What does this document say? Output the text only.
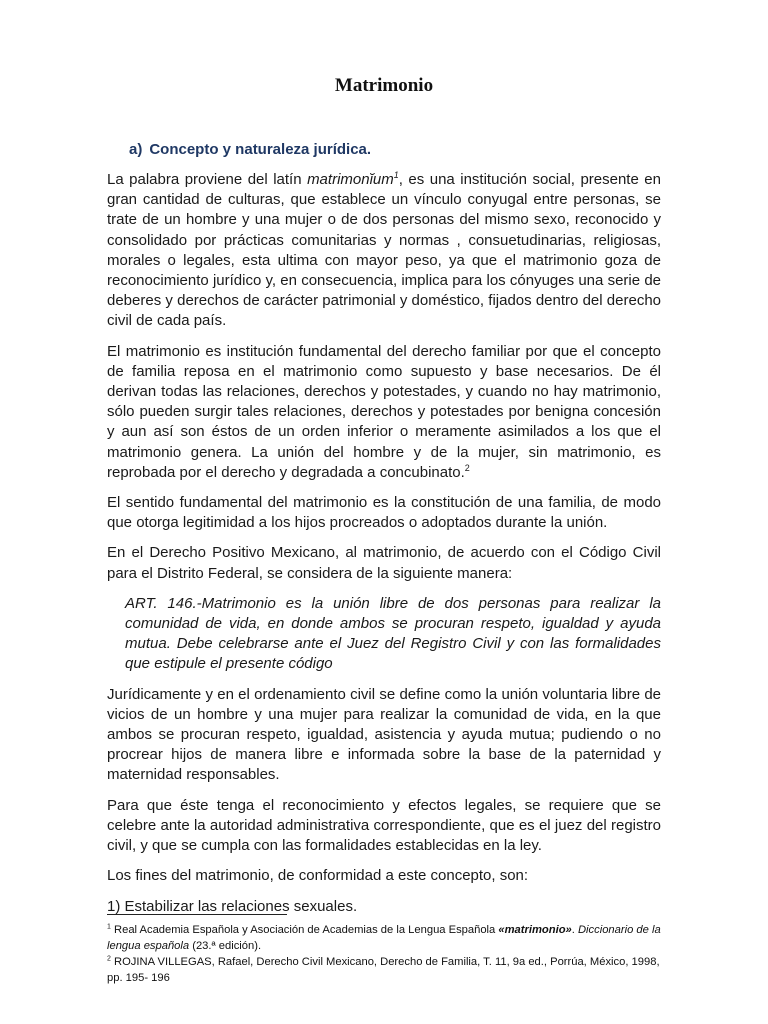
Matrimonio
a) Concepto y naturaleza jurídica.

La palabra proviene del latín matrimonĭum$^1$, es una institución social, presente en gran cantidad de culturas, que establece un vínculo conyugal entre personas, se trate de un hombre y una mujer o de dos personas del mismo sexo, reconocido y consolidado por prácticas comunitarias y normas , consuetudinarias, religiosas, morales o legales, esta ultima con mayor peso, ya que el matrimonio goza de reconocimiento jurídico y, en consecuencia, implica para los cónyuges una serie de deberes y derechos de carácter patrimonial y doméstico, fijados dentro del derecho civil de cada país.

El matrimonio es institución fundamental del derecho familiar por que el concepto de familia reposa en el matrimonio como supuesto y base necesarios. De él derivan todas las relaciones, derechos y potestades, y cuando no hay matrimonio, sólo pueden surgir tales relaciones, derechos y potestades por benigna concesión y aun así son éstos de un orden inferior o meramente asimilados a los que el matrimonio genera. La unión del hombre y de la mujer, sin matrimonio, es reprobada por el derecho y degradada a concubinato.$^2$

El sentido fundamental del matrimonio es la constitución de una familia, de modo que otorga legitimidad a los hijos procreados o adoptados durante la unión.

En el Derecho Positivo Mexicano, al matrimonio, de acuerdo con el Código Civil para el Distrito Federal, se considera de la siguiente manera:

ART. 146.-Matrimonio es la unión libre de dos personas para realizar la comunidad de vida, en donde ambos se procuran respeto, igualdad y ayuda mutua. Debe celebrarse ante el Juez del Registro Civil y con las formalidades que estipule el presente código

Jurídicamente y en el ordenamiento civil se define como la unión voluntaria libre de vicios de un hombre y una mujer para realizar la comunidad de vida, en la que ambos se procuran respeto, igualdad, asistencia y ayuda mutua; pudiendo o no procrear hijos de manera libre e informada sobre la base de la paternidad y maternidad responsables.

Para que éste tenga el reconocimiento y efectos legales, se requiere que se celebre ante la autoridad administrativa correspondiente, que es el juez del registro civil, y que se cumpla con las formalidades establecidas en la ley.

Los fines del matrimonio, de conformidad a este concepto, son:

1) Estabilizar las relaciones sexuales.

$^1$ Real Academia Española y Asociación de Academias de la Lengua Española «matrimonio». Diccionario de la lengua española (23.ª edición).

$^2$ ROJINA VILLEGAS, Rafael, Derecho Civil Mexicano, Derecho de Familia, T. 11, 9a ed., Porrúa, México, 1998, pp. 195- 196
